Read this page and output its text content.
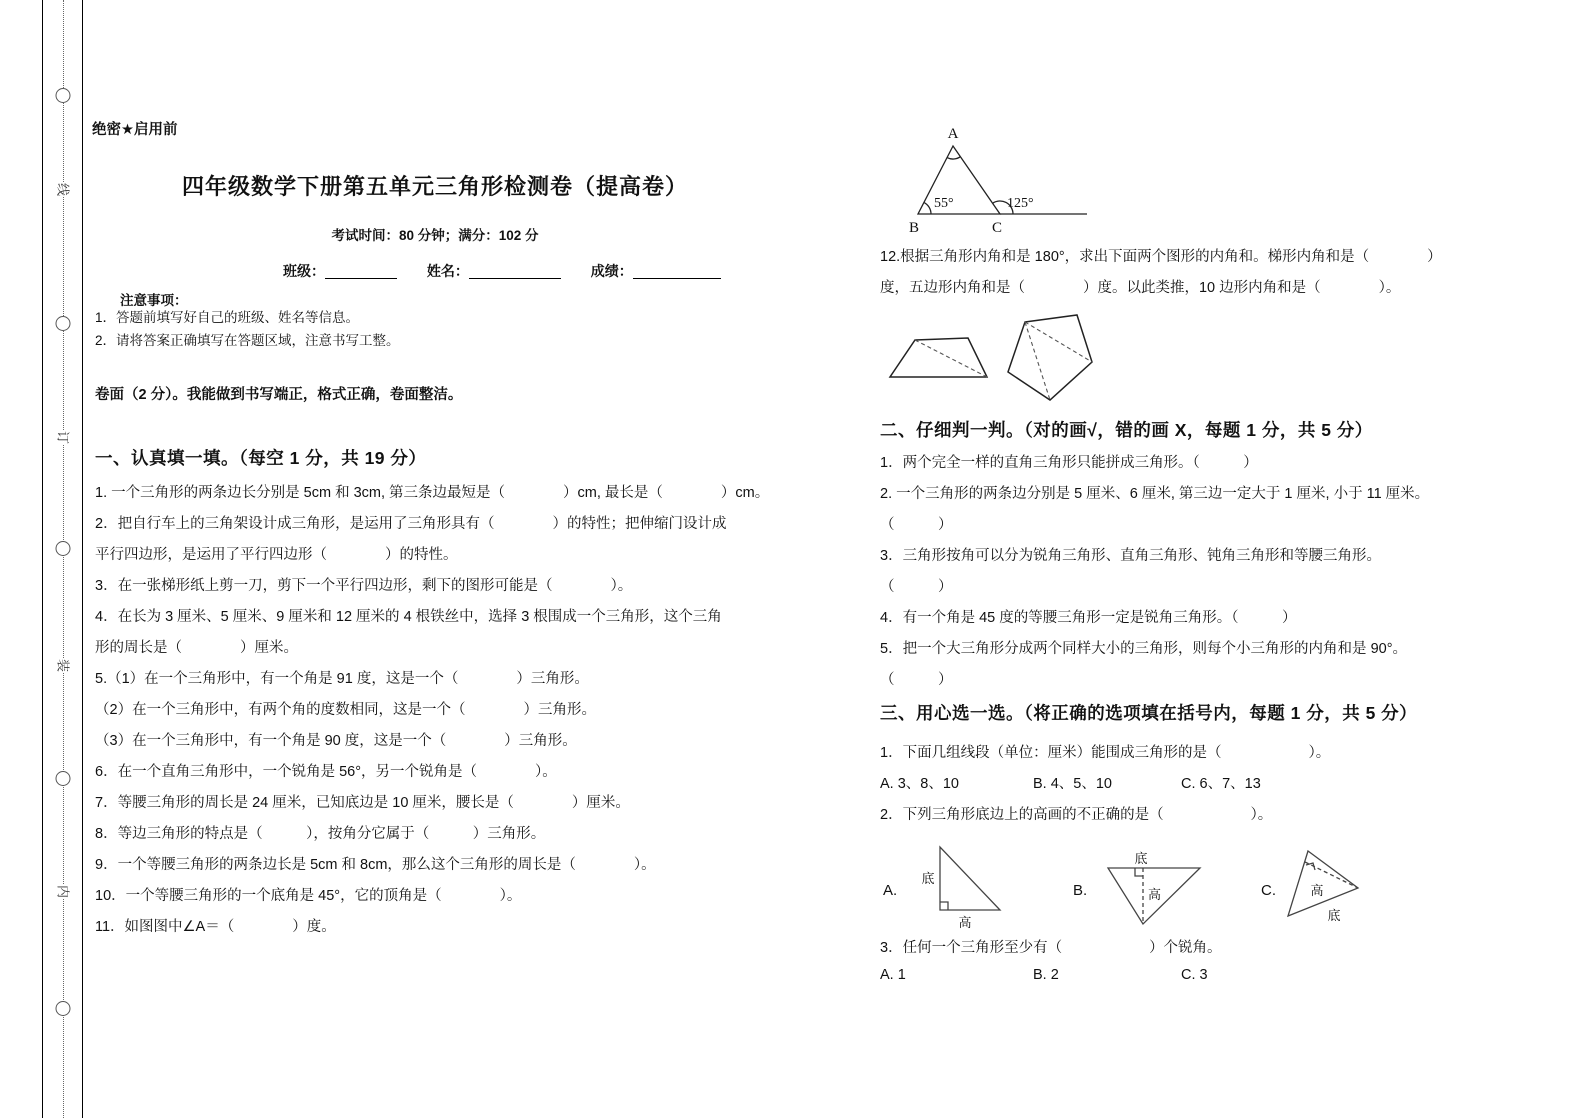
线
订
装
内
绝密★启用前
四年级数学下册第五单元三角形检测卷（提高卷）
考试时间：80 分钟；满分：102 分
班级：	姓名：	成绩：
注意事项：
1．答题前填写好自己的班级、姓名等信息。
2．请将答案正确填写在答题区域，注意书写工整。
卷面（2 分）。我能做到书写端正，格式正确，卷面整洁。
一、认真填一填。（每空 1 分，共 19 分）
1. 一个三角形的两条边长分别是 5cm 和 3cm, 第三条边最短是（　　　　）cm, 最长是（　　　　）cm。
2．把自行车上的三角架设计成三角形，是运用了三角形具有（　　　　）的特性；把伸缩门设计成
平行四边形，是运用了平行四边形（　　　　）的特性。
3．在一张梯形纸上剪一刀，剪下一个平行四边形，剩下的图形可能是（　　　　）。
4．在长为 3 厘米、5 厘米、9 厘米和 12 厘米的 4 根铁丝中，选择 3 根围成一个三角形，这个三角
形的周长是（　　　　）厘米。
5.（1）在一个三角形中，有一个角是 91 度，这是一个（　　　　）三角形。
（2）在一个三角形中，有两个角的度数相同，这是一个（　　　　）三角形。
（3）在一个三角形中，有一个角是 90 度，这是一个（　　　　）三角形。
6．在一个直角三角形中，一个锐角是 56°，另一个锐角是（　　　　）。
7．等腰三角形的周长是 24 厘米，已知底边是 10 厘米，腰长是（　　　　）厘米。
8．等边三角形的特点是（　　　），按角分它属于（　　　）三角形。
9．一个等腰三角形的两条边长是 5cm 和 8cm，那么这个三角形的周长是（　　　　）。
10．一个等腰三角形的一个底角是 45°，它的顶角是（　　　　）。
11．如图图中∠A＝（　　　　）度。
A
B	C
55°	125°
12.根据三角形内角和是 180°，求出下面两个图形的内角和。梯形内角和是（　　　　）
度，五边形内角和是（　　　　）度。以此类推，10 边形内角和是（　　　　）。
二、仔细判一判。（对的画√，错的画 X，每题 1 分，共 5 分）
1．两个完全一样的直角三角形只能拼成三角形。（　　　）
2. 一个三角形的两条边分别是 5 厘米、6 厘米, 第三边一定大于 1 厘米, 小于 11 厘米。
（　　　）
3．三角形按角可以分为锐角三角形、直角三角形、钝角三角形和等腰三角形。
（　　　）
4．有一个角是 45 度的等腰三角形一定是锐角三角形。（　　　）
5．把一个大三角形分成两个同样大小的三角形，则每个小三角形的内角和是 90°。
（　　　）
三、用心选一选。（将正确的选项填在括号内，每题 1 分，共 5 分）
1．下面几组线段（单位：厘米）能围成三角形的是（　　　　　　）。
A. 3、8、10	B. 4、5、10	C. 6、7、13
2．下列三角形底边上的高画的不正确的是（　　　　　　）。
A.
底
高
B.
底
高	C.	高
底
3．任何一个三角形至少有（　　　　　　）个锐角。
A. 1	B. 2	C. 3
